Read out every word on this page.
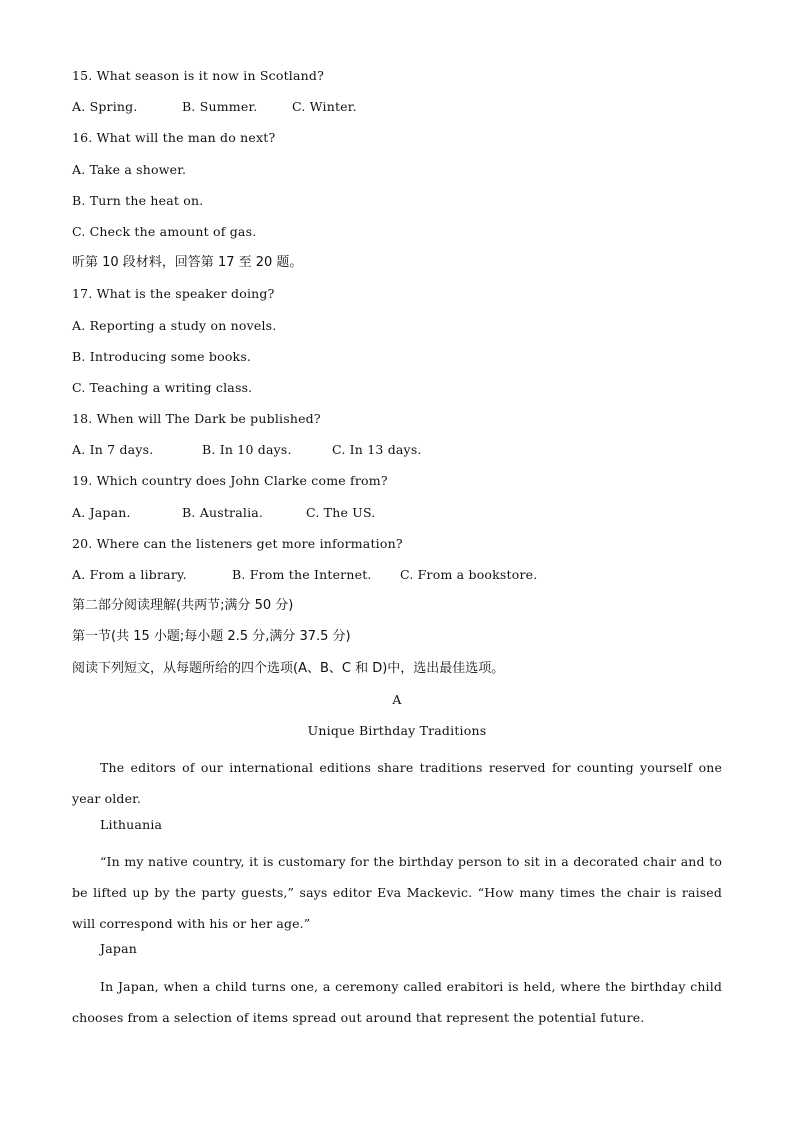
15. What season is it now in Scotland?
A. Spring.	B. Summer.	C. Winter.
16. What will the man do next?
A. Take a shower.
B. Turn the heat on.
C. Check the amount of gas.
听第 10 段材料，回答第 17 至 20 题。
17. What is the speaker doing?
A. Reporting a study on novels.
B. Introducing some books.
C. Teaching a writing class.
18. When will The Dark be published?
A. In 7 days.	B. In 10 days.	C. In 13 days.
19. Which country does John Clarke come from?
A. Japan.	B. Australia.	C. The US.
20. Where can the listeners get more information?
A. From a library.	B. From the Internet. C. From a bookstore.
第二部分阅读理解(共两节;满分 50 分)
第一节(共 15 小题;每小题 2.5 分,满分 37.5 分)
阅读下列短文，从每题所给的四个选项(A、B、C 和 D)中，选出最佳选项。
A
Unique Birthday Traditions
The editors of our international editions share traditions reserved for counting yourself one year older.
Lithuania
“In my native country, it is customary for the birthday person to sit in a decorated chair and to be lifted up by the party guests,” says editor Eva Mackevic. “How many times the chair is raised will correspond with his or her age.”
Japan
In Japan, when a child turns one, a ceremony called erabitori is held, where the birthday child chooses from a selection of items spread out around that represent the potential future.
